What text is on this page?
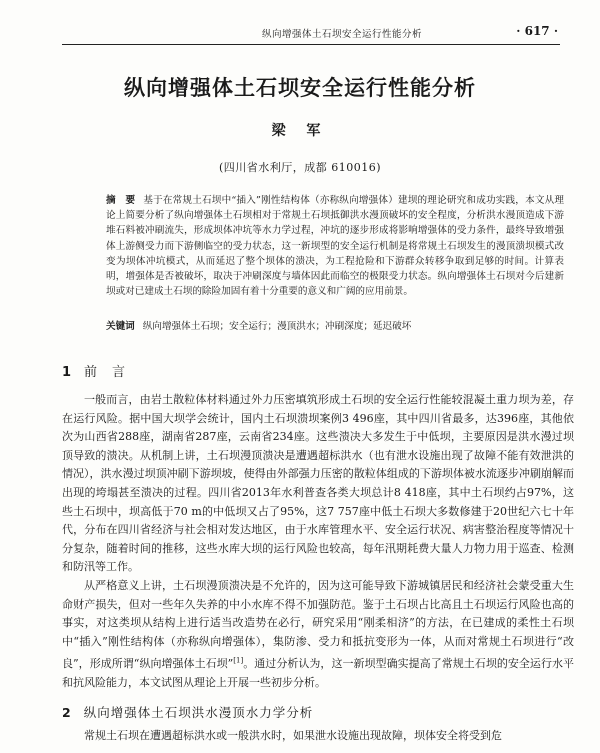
纵向增强体土石坝安全运行性能分析	· 617 ·
纵向增强体土石坝安全运行性能分析
梁 军
(四川省水利厅，成都 610016)
摘　要 基于在常规土石坝中“插入”刚性结构体（亦称纵向增强体）建坝的理论研究和成功实践，本文从理论上简要分析了纵向增强体土石坝相对于常规土石坝抵御洪水漫顶破坏的安全程度，分析洪水漫顶造成下游堆石料被冲刷流失，形成坝体冲坑等水力学过程，冲坑的逐步形成将影响增强体的受力条件，最终导致增强体上游侧受力而下游侧临空的受力状态，这一新坝型的安全运行机制是将常规土石坝发生的漫顶溃坝模式改变为坝体冲坑模式，从而延迟了整个坝体的溃决，为工程抢险和下游群众转移争取到足够的时间。计算表明，增强体是否被破坏，取决于冲刷深度与墙体因此而临空的极限受力状态。纵向增强体土石坝对今后建新坝或对已建成土石坝的除险加固有着十分重要的意义和广阔的应用前景。
关键词 纵向增强体土石坝；安全运行；漫顶洪水；冲刷深度；延迟破坏
1 前　言

一般而言，由岩土散粒体材料通过外力压密填筑形成土石坝的安全运行性能较混凝土重力坝为差，存在运行风险。据中国大坝学会统计，国内土石坝溃坝案例3 496座，其中四川省最多，达396座，其他依次为山西省288座，湖南省287座，云南省234座。这些溃决大多发生于中低坝，主要原因是洪水漫过坝顶导致的溃决。从机制上讲，土石坝漫顶溃决是遭遇超标洪水（也有泄水设施出现了故障不能有效泄洪的情况），洪水漫过坝顶冲刷下游坝坡，使得由外部强力压密的散粒体组成的下游坝体被水流逐步冲刷崩解而出现的垮塌甚至溃决的过程。四川省2013年水利普查各类大坝总计8 418座，其中土石坝约占97%，这些土石坝中，坝高低于70 m的中低坝又占了95%，这7 757座中低土石坝大多数修建于20世纪六七十年代，分布在四川省经济与社会相对发达地区，由于水库管理水平、安全运行状况、病害整治程度等情况十分复杂，随着时间的推移，这些水库大坝的运行风险也较高，每年汛期耗费大量人力物力用于巡查、检测和防汛等工作。

从严格意义上讲，土石坝漫顶溃决是不允许的，因为这可能导致下游城镇居民和经济社会蒙受重大生命财产损失，但对一些年久失养的中小水库不得不加强防范。鉴于土石坝占比高且土石坝运行风险也高的事实，对这类坝从结构上进行适当改造势在必行，研究采用“刚柔相济”的方法，在已建成的柔性土石坝中“插入”刚性结构体（亦称纵向增强体），集防渗、受力和抵抗变形为一体，从而对常规土石坝进行“改良”，形成所谓“纵向增强体土石坝”[1]。通过分析认为，这一新坝型确实提高了常规土石坝的安全运行水平和抗风险能力，本文试图从理论上开展一些初步分析。

2 纵向增强体土石坝洪水漫顶水力学分析

常规土石坝在遭遇超标洪水或一般洪水时，如果泄水设施出现故障，坝体安全将受到危
